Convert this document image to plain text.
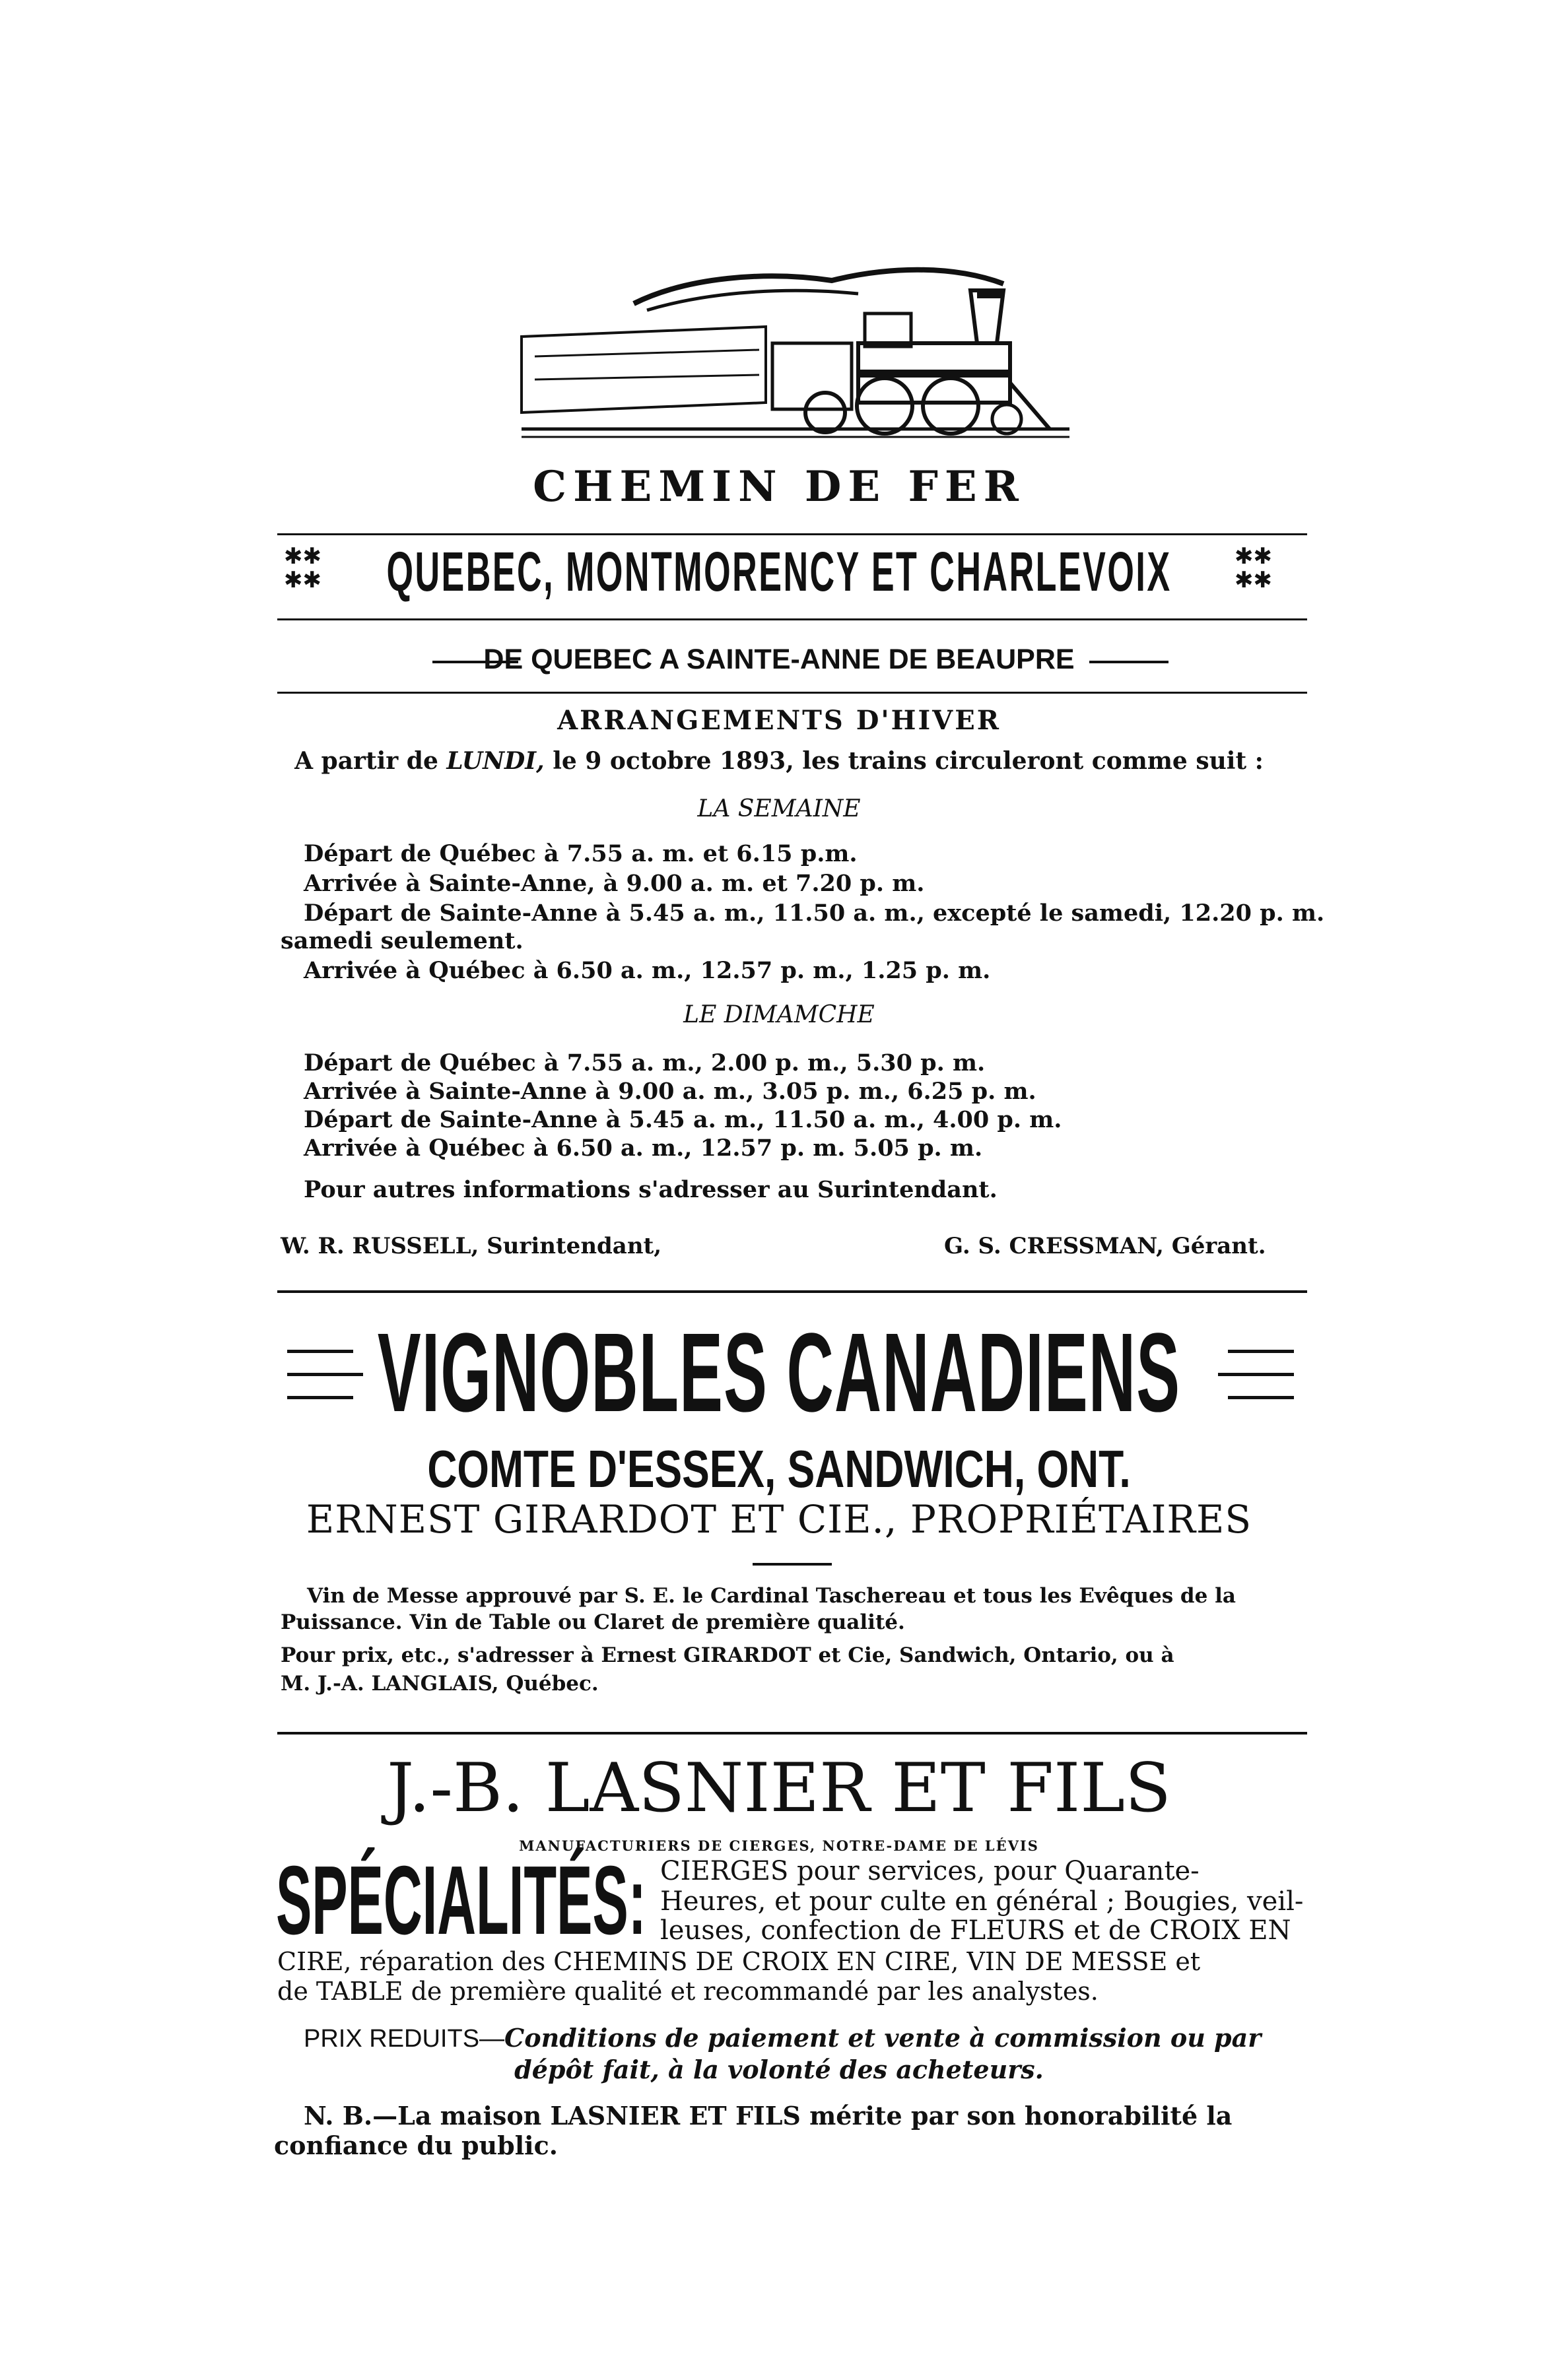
CHEMIN DE FER
✱✱
✱✱	QUEBEC, MONTMORENCY ET CHARLEVOIX	✱✱
✱✱
DE QUEBEC A SAINTE-ANNE DE BEAUPRE
ARRANGEMENTS D'HIVER
A partir de LUNDI, le 9 octobre 1893, les trains circuleront comme suit :
LA SEMAINE
Départ de Québec à 7.55 a. m. et 6.15 p.m.
Arrivée à Sainte-Anne, à 9.00 a. m. et 7.20 p. m.
Départ de Sainte-Anne à 5.45 a. m., 11.50 a. m., excepté le samedi, 12.20 p. m.
samedi seulement.
Arrivée à Québec à 6.50 a. m., 12.57 p. m., 1.25 p. m.
LE DIMAMCHE
Départ de Québec à 7.55 a. m., 2.00 p. m., 5.30 p. m.
Arrivée à Sainte-Anne à 9.00 a. m., 3.05 p. m., 6.25 p. m.
Départ de Sainte-Anne à 5.45 a. m., 11.50 a. m., 4.00 p. m.
Arrivée à Québec à 6.50 a. m., 12.57 p. m. 5.05 p. m.
Pour autres informations s'adresser au Surintendant.
W. R. RUSSELL, Surintendant,	G. S. CRESSMAN, Gérant.
VIGNOBLES CANADIENS
COMTE D'ESSEX, SANDWICH, ONT.
ERNEST GIRARDOT ET CIE., PROPRIÉTAIRES
Vin de Messe approuvé par S. E. le Cardinal Taschereau et tous les Evêques de la
Puissance. Vin de Table ou Claret de première qualité.
Pour prix, etc., s'adresser à Ernest GIRARDOT et Cie, Sandwich, Ontario, ou à
M. J.-A. LANGLAIS, Québec.
J.-B. LASNIER ET FILS
MANUFACTURIERS DE CIERGES, NOTRE-DAME DE LÉVIS
SPÉCIALITÉS: CIERGES pour services, pour Quarante-
Heures, et pour culte en général ; Bougies, veil-
leuses, confection de FLEURS et de CROIX EN
CIRE, réparation des CHEMINS DE CROIX EN CIRE, VIN DE MESSE et
de TABLE de première qualité et recommandé par les analystes.
PRIX REDUITS—Conditions de paiement et vente à commission ou par
dépôt fait, à la volonté des acheteurs.
N. B.—La maison LASNIER ET FILS mérite par son honorabilité la
confiance du public.
